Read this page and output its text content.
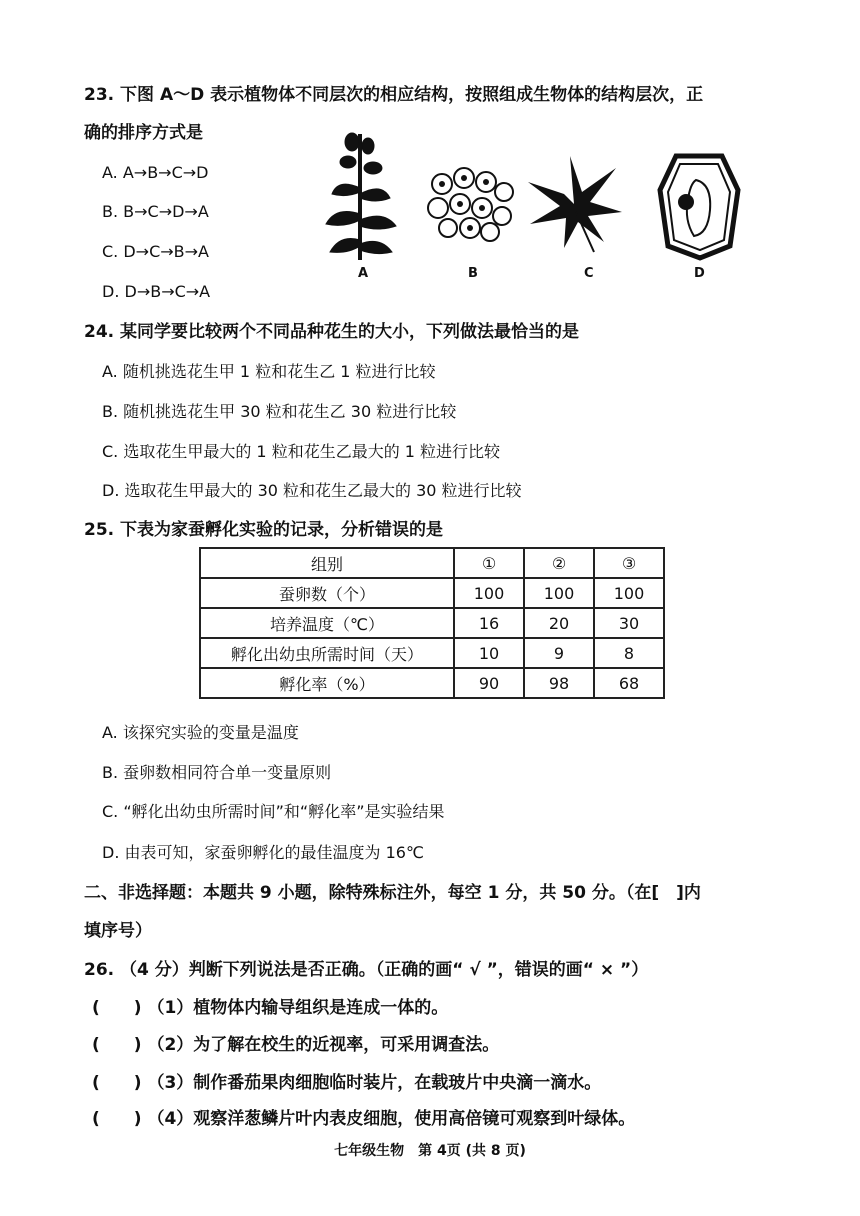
23. 下图 A～D 表示植物体不同层次的相应结构，按照组成生物体的结构层次，正
确的排序方式是
A. A→B→C→D
B. B→C→D→A
C. D→C→B→A
D. D→B→C→A
A	B	C	D
24. 某同学要比较两个不同品种花生的大小，下列做法最恰当的是
A. 随机挑选花生甲 1 粒和花生乙 1 粒进行比较
B. 随机挑选花生甲 30 粒和花生乙 30 粒进行比较
C. 选取花生甲最大的 1 粒和花生乙最大的 1 粒进行比较
D. 选取花生甲最大的 30 粒和花生乙最大的 30 粒进行比较
25. 下表为家蚕孵化实验的记录，分析错误的是
组别	①	②	③
蚕卵数（个）	100	100	100
培养温度（℃）	16	20	30
孵化出幼虫所需时间（天）	10	9	8
孵化率（%）	90	98	68
A. 该探究实验的变量是温度
B. 蚕卵数相同符合单一变量原则
C. “孵化出幼虫所需时间”和“孵化率”是实验结果
D. 由表可知，家蚕卵孵化的最佳温度为 16℃
二、非选择题：本题共 9 小题，除特殊标注外，每空 1 分，共 50 分。（在[　]内
填序号）
26. （4 分）判断下列说法是否正确。（正确的画“ √ ”，错误的画“ × ”）
(　　) （1）植物体内输导组织是连成一体的。
(　　) （2）为了解在校生的近视率，可采用调查法。
(　　) （3）制作番茄果肉细胞临时装片，在载玻片中央滴一滴水。
(　　) （4）观察洋葱鳞片叶内表皮细胞，使用高倍镜可观察到叶绿体。
七年级生物　第 4页 (共 8 页)
